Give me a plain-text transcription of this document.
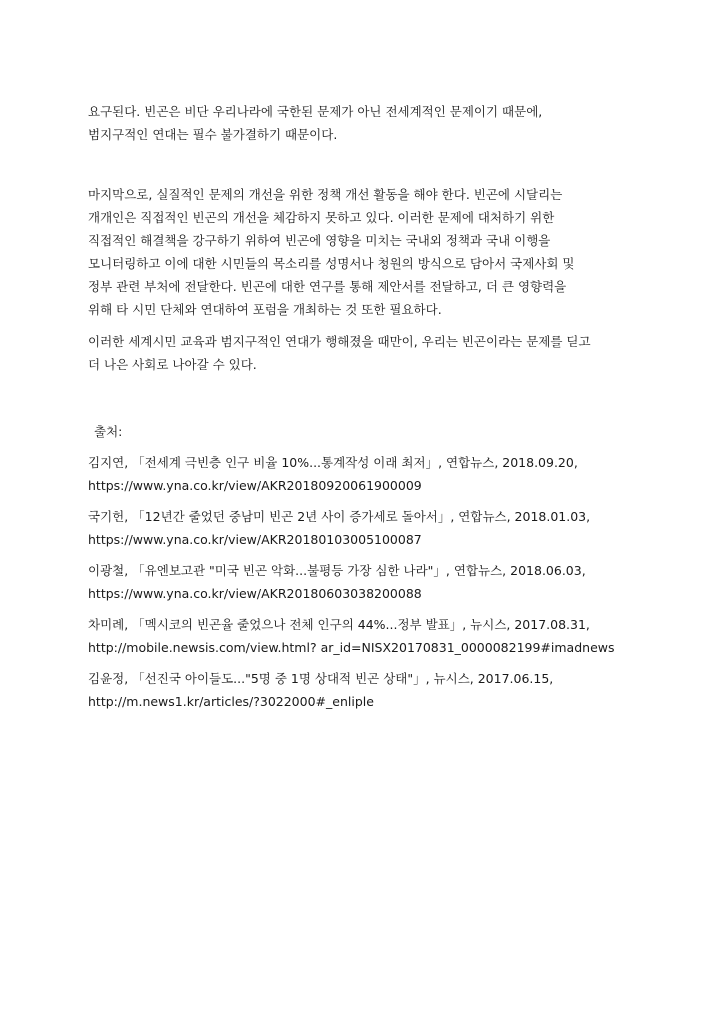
요구된다. 빈곤은 비단 우리나라에 국한된 문제가 아닌 전세계적인 문제이기 때문에,
범지구적인 연대는 필수 불가결하기 때문이다.

마지막으로, 실질적인 문제의 개선을 위한 정책 개선 활동을 해야 한다. 빈곤에 시달리는
개개인은 직접적인 빈곤의 개선을 체감하지 못하고 있다. 이러한 문제에 대처하기 위한
직접적인 해결책을 강구하기 위하여 빈곤에 영향을 미치는 국내외 정책과 국내 이행을
모니터링하고 이에 대한 시민들의 목소리를 성명서나 청원의 방식으로 담아서 국제사회 및
정부 관련 부처에 전달한다. 빈곤에 대한 연구를 통해 제안서를 전달하고, 더 큰 영향력을
위해 타 시민 단체와 연대하여 포럼을 개최하는 것 또한 필요하다.

이러한 세계시민 교육과 범지구적인 연대가 행해졌을 때만이, 우리는 빈곤이라는 문제를 딛고
더 나은 사회로 나아갈 수 있다.

출처:

김지연, 「전세계 극빈층 인구 비율 10%...통계작성 이래 최저」, 연합뉴스, 2018.09.20,
https://www.yna.co.kr/view/AKR20180920061900009

국기헌, 「12년간 줄었던 중남미 빈곤 2년 사이 증가세로 돌아서」, 연합뉴스, 2018.01.03,
https://www.yna.co.kr/view/AKR20180103005100087

이광철, 「유엔보고관 "미국 빈곤 악화...불평등 가장 심한 나라"」, 연합뉴스, 2018.06.03,
https://www.yna.co.kr/view/AKR20180603038200088

차미례, 「멕시코의 빈곤율 줄었으나 전체 인구의 44%...정부 발표」, 뉴시스, 2017.08.31,
http://mobile.newsis.com/view.html? ar_id=NISX20170831_0000082199#imadnews

김윤정, 「선진국 아이들도..."5명 중 1명 상대적 빈곤 상태"」, 뉴시스, 2017.06.15,
http://m.news1.kr/articles/?3022000#_enliple
